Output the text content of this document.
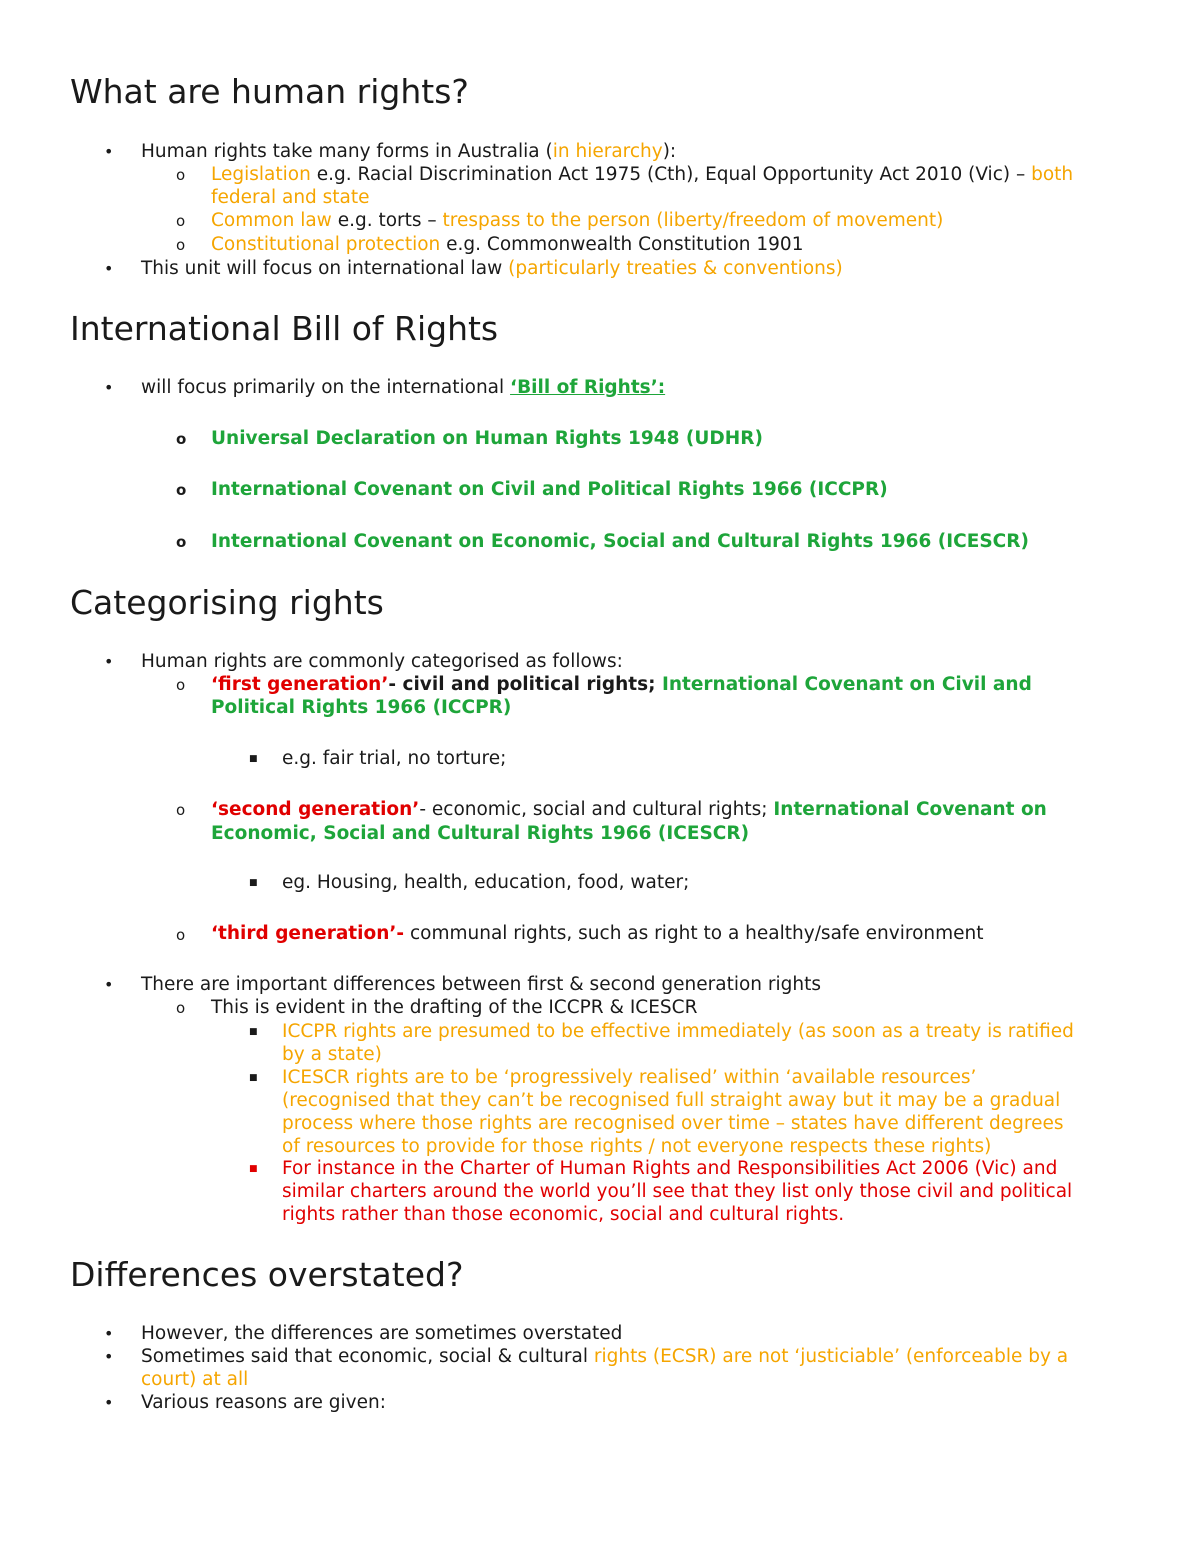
What are human rights?
• Human rights take many forms in Australia (in hierarchy):
o Legislation e.g. Racial Discrimination Act 1975 (Cth), Equal Opportunity Act 2010 (Vic) – both
federal and state
o Common law e.g. torts – trespass to the person (liberty/freedom of movement)
o Constitutional protection e.g. Commonwealth Constitution 1901
• This unit will focus on international law (particularly treaties & conventions)
International Bill of Rights
• will focus primarily on the international ‘Bill of Rights’:
o Universal Declaration on Human Rights 1948 (UDHR)
o International Covenant on Civil and Political Rights 1966 (ICCPR)
o International Covenant on Economic, Social and Cultural Rights 1966 (ICESCR)
Categorising rights
• Human rights are commonly categorised as follows:
o ‘first generation’- civil and political rights; International Covenant on Civil and
Political Rights 1966 (ICCPR)
■ e.g. fair trial, no torture;
o ‘second generation’- economic, social and cultural rights; International Covenant on
Economic, Social and Cultural Rights 1966 (ICESCR)
■ eg. Housing, health, education, food, water;
o ‘third generation’- communal rights, such as right to a healthy/safe environment
• There are important differences between first & second generation rights
o This is evident in the drafting of the ICCPR & ICESCR
■ ICCPR rights are presumed to be effective immediately (as soon as a treaty is ratified
by a state)
■ ICESCR rights are to be ‘progressively realised’ within ‘available resources’
(recognised that they can’t be recognised full straight away but it may be a gradual
process where those rights are recognised over time – states have different degrees
of resources to provide for those rights / not everyone respects these rights)
■ For instance in the Charter of Human Rights and Responsibilities Act 2006 (Vic) and
similar charters around the world you’ll see that they list only those civil and political
rights rather than those economic, social and cultural rights.
Differences overstated?
• However, the differences are sometimes overstated
• Sometimes said that economic, social & cultural rights (ECSR) are not ‘justiciable’ (enforceable by a
court) at all
• Various reasons are given:
